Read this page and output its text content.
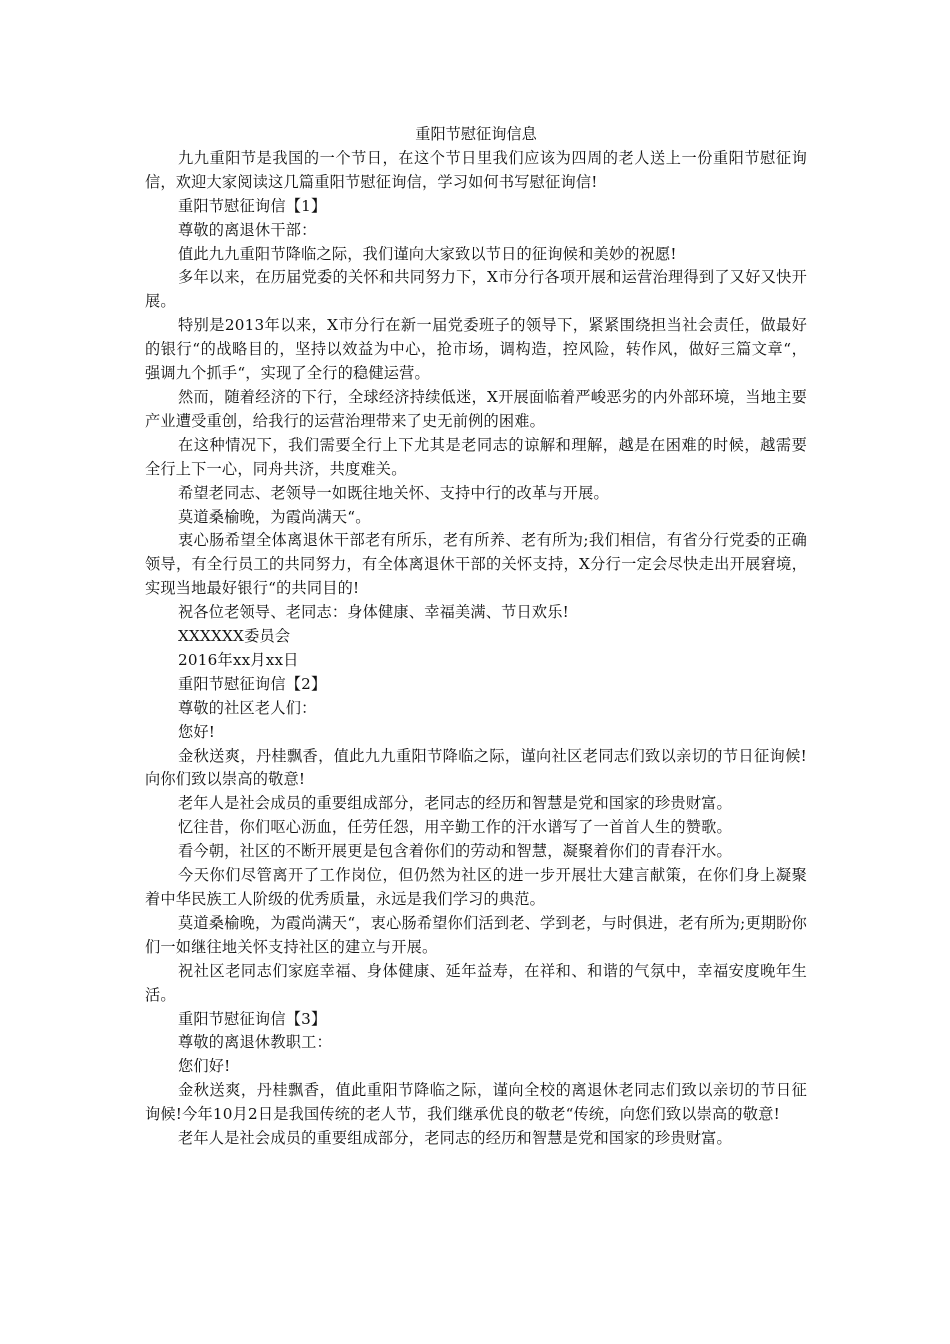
重阳节慰征询信息

九九重阳节是我国的一个节日，在这个节日里我们应该为四周的老人送上一份重阳节慰征询信，欢迎大家阅读这几篇重阳节慰征询信，学习如何书写慰征询信!

重阳节慰征询信【1】

尊敬的离退休干部：

值此九九重阳节降临之际，我们谨向大家致以节日的征询候和美妙的祝愿!

多年以来，在历届党委的关怀和共同努力下，X市分行各项开展和运营治理得到了又好又快开展。

特别是2013年以来，X市分行在新一届党委班子的领导下，紧紧围绕担当社会责任，做最好的银行“的战略目的，坚持以效益为中心，抢市场，调构造，控风险，转作风，做好三篇文章“，强调九个抓手“，实现了全行的稳健运营。

然而，随着经济的下行，全球经济持续低迷，X开展面临着严峻恶劣的内外部环境，当地主要产业遭受重创，给我行的运营治理带来了史无前例的困难。

在这种情况下，我们需要全行上下尤其是老同志的谅解和理解，越是在困难的时候，越需要全行上下一心，同舟共济，共度难关。

希望老同志、老领导一如既往地关怀、支持中行的改革与开展。

莫道桑榆晚，为霞尚满天“。

衷心肠希望全体离退休干部老有所乐，老有所养、老有所为;我们相信，有省分行党委的正确领导，有全行员工的共同努力，有全体离退休干部的关怀支持，X分行一定会尽快走出开展窘境，实现当地最好银行“的共同目的!

祝各位老领导、老同志：身体健康、幸福美满、节日欢乐!

XXXXXX委员会

2016年xx月xx日

重阳节慰征询信【2】

尊敬的社区老人们：

您好!

金秋送爽，丹桂飘香，值此九九重阳节降临之际，谨向社区老同志们致以亲切的节日征询候!向你们致以崇高的敬意!

老年人是社会成员的重要组成部分，老同志的经历和智慧是党和国家的珍贵财富。

忆往昔，你们呕心沥血，任劳任怨，用辛勤工作的汗水谱写了一首首人生的赞歌。

看今朝，社区的不断开展更是包含着你们的劳动和智慧，凝聚着你们的青春汗水。

今天你们尽管离开了工作岗位，但仍然为社区的进一步开展壮大建言献策，在你们身上凝聚着中华民族工人阶级的优秀质量，永远是我们学习的典范。

莫道桑榆晚，为霞尚满天“，衷心肠希望你们活到老、学到老，与时俱进，老有所为;更期盼你们一如继往地关怀支持社区的建立与开展。

祝社区老同志们家庭幸福、身体健康、延年益寿，在祥和、和谐的气氛中，幸福安度晚年生活。

重阳节慰征询信【3】

尊敬的离退休教职工：

您们好!

金秋送爽，丹桂飘香，值此重阳节降临之际，谨向全校的离退休老同志们致以亲切的节日征询候!今年10月2日是我国传统的老人节，我们继承优良的敬老“传统，向您们致以崇高的敬意!

老年人是社会成员的重要组成部分，老同志的经历和智慧是党和国家的珍贵财富。
